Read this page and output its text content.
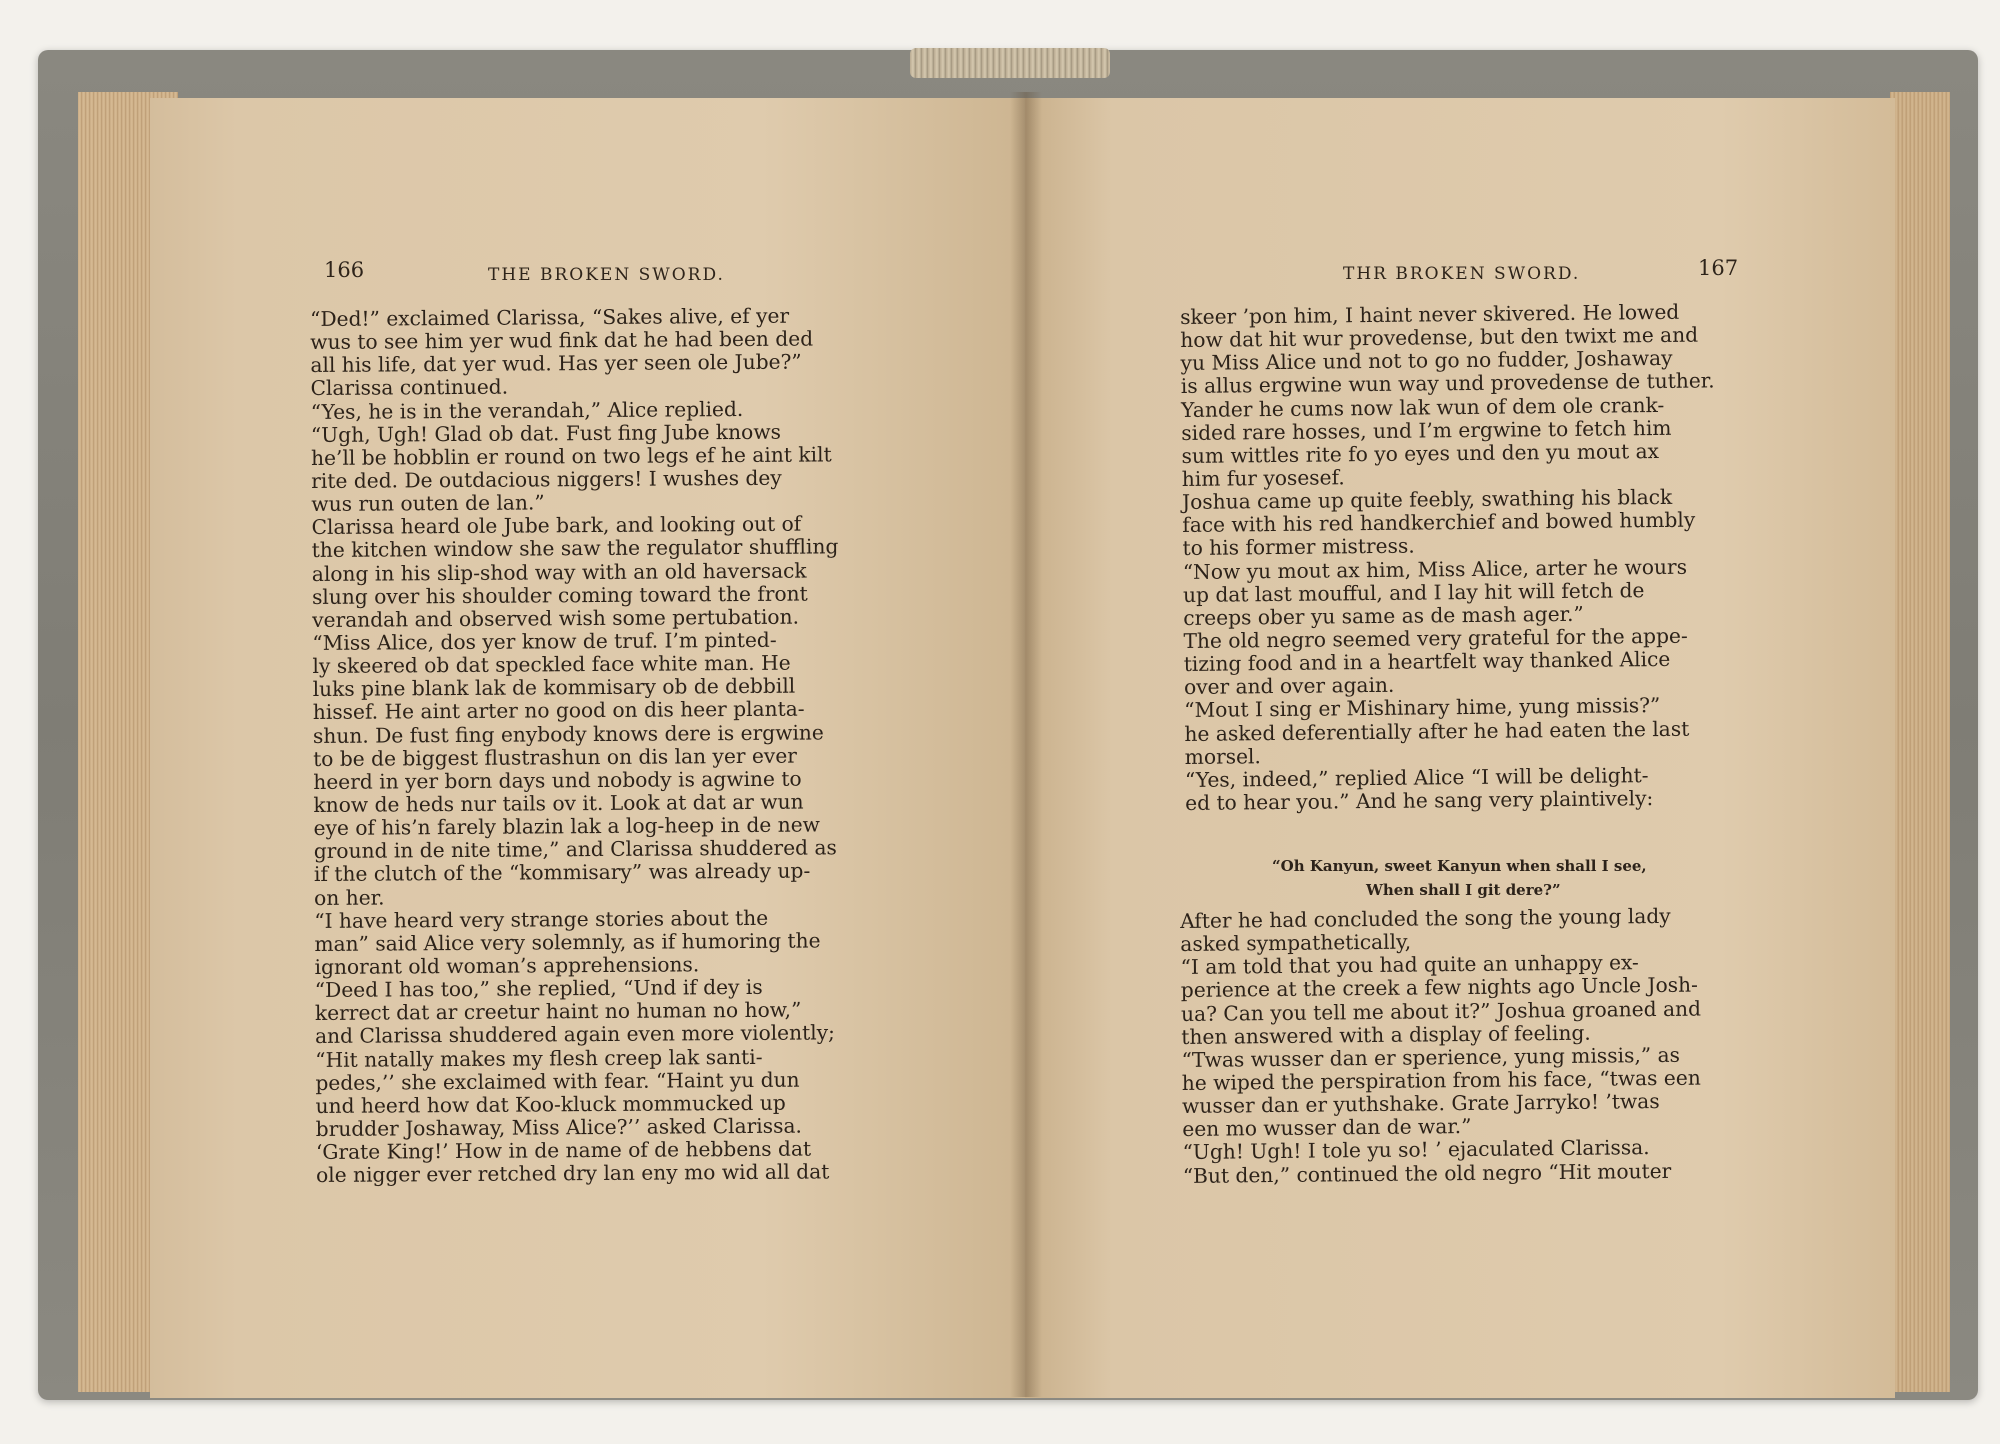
166	THE BROKEN SWORD.	THR BROKEN SWORD.	167
“Ded!” exclaimed Clarissa, “Sakes alive, ef yer
wus to see him yer wud fink dat he had been ded
all his life, dat yer wud. Has yer seen ole Jube?”
Clarissa continued.
“Yes, he is in the verandah,” Alice replied.
“Ugh, Ugh! Glad ob dat. Fust fing Jube knows
he’ll be hobblin er round on two legs ef he aint kilt
rite ded. De outdacious niggers! I wushes dey
wus run outen de lan.”
Clarissa heard ole Jube bark, and looking out of
the kitchen window she saw the regulator shuffling
along in his slip-shod way with an old haversack
slung over his shoulder coming toward the front
verandah and observed wish some pertubation.
“Miss Alice, dos yer know de truf. I’m pinted-
ly skeered ob dat speckled face white man. He
luks pine blank lak de kommisary ob de debbill
hissef. He aint arter no good on dis heer planta-
shun. De fust fing enybody knows dere is ergwine
to be de biggest flustrashun on dis lan yer ever
heerd in yer born days und nobody is agwine to
know de heds nur tails ov it. Look at dat ar wun
eye of his’n farely blazin lak a log-heep in de new
ground in de nite time,” and Clarissa shuddered as
if the clutch of the “kommisary” was already up-
on her.
“I have heard very strange stories about the
man” said Alice very solemnly, as if humoring the
ignorant old woman’s apprehensions.
“Deed I has too,” she replied, “Und if dey is
kerrect dat ar creetur haint no human no how,”
and Clarissa shuddered again even more violently;
“Hit natally makes my flesh creep lak santi-
pedes,’’ she exclaimed with fear. “Haint yu dun
und heerd how dat Koo-kluck mommucked up
brudder Joshaway, Miss Alice?’’ asked Clarissa.
‘Grate King!’ How in de name of de hebbens dat
ole nigger ever retched dry lan eny mo wid all dat
skeer ’pon him, I haint never skivered. He lowed
how dat hit wur provedense, but den twixt me and
yu Miss Alice und not to go no fudder, Joshaway
is allus ergwine wun way und provedense de tuther.
Yander he cums now lak wun of dem ole crank-
sided rare hosses, und I’m ergwine to fetch him
sum wittles rite fo yo eyes und den yu mout ax
him fur yosesef.
Joshua came up quite feebly, swathing his black
face with his red handkerchief and bowed humbly
to his former mistress.
“Now yu mout ax him, Miss Alice, arter he wours
up dat last moufful, and I lay hit will fetch de
creeps ober yu same as de mash ager.”
The old negro seemed very grateful for the appe-
tizing food and in a heartfelt way thanked Alice
over and over again.
“Mout I sing er Mishinary hime, yung missis?”
he asked deferentially after he had eaten the last
morsel.
“Yes, indeed,” replied Alice “I will be delight-
ed to hear you.” And he sang very plaintively:
“Oh Kanyun, sweet Kanyun when shall I see,
When shall I git dere?”
After he had concluded the song the young lady
asked sympathetically,
“I am told that you had quite an unhappy ex-
perience at the creek a few nights ago Uncle Josh-
ua? Can you tell me about it?” Joshua groaned and
then answered with a display of feeling.
“Twas wusser dan er sperience, yung missis,” as
he wiped the perspiration from his face, “twas een
wusser dan er yuthshake. Grate Jarryko! ’twas
een mo wusser dan de war.”
“Ugh! Ugh! I tole yu so! ’ ejaculated Clarissa.
“But den,” continued the old negro “Hit mouter
